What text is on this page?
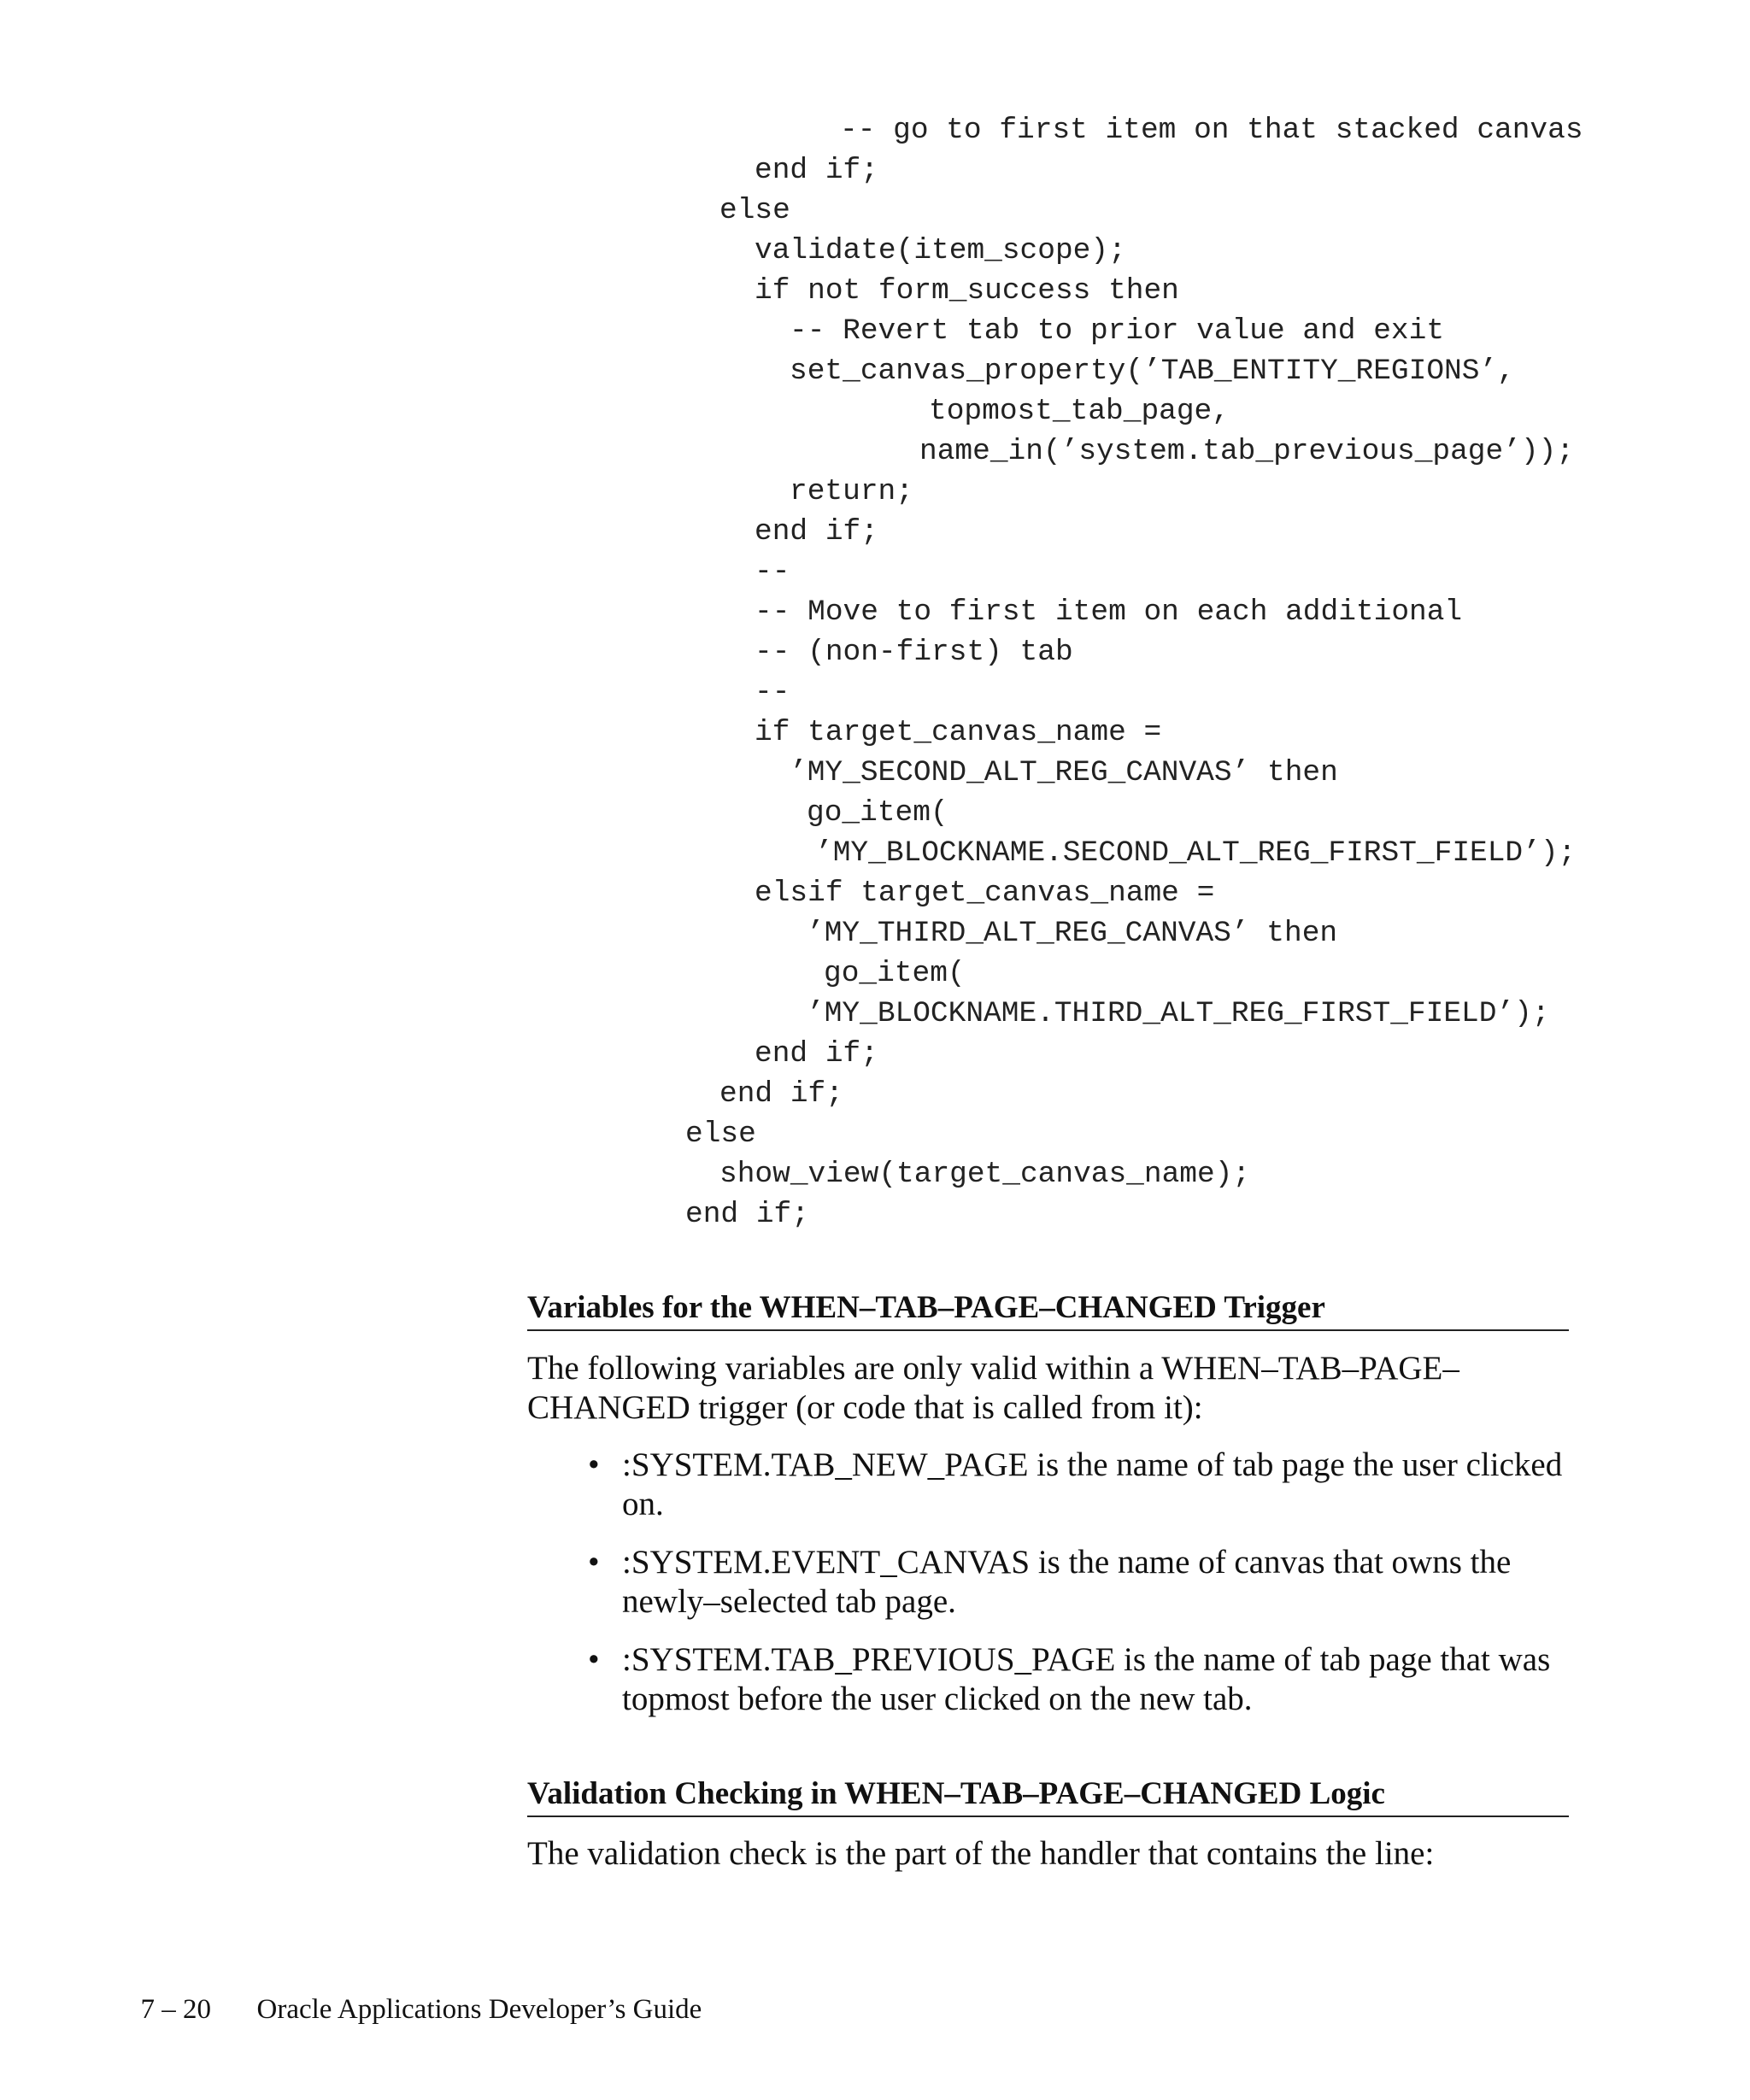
-- go to first item on that stacked canvas
end if;
else
validate(item_scope);
if not form_success then
-- Revert tab to prior value and exit
set_canvas_property(’TAB_ENTITY_REGIONS’,
topmost_tab_page,
name_in(’system.tab_previous_page’));
return;
end if;
--
-- Move to first item on each additional
-- (non-first) tab
--
if target_canvas_name =
’MY_SECOND_ALT_REG_CANVAS’ then
go_item(
’MY_BLOCKNAME.SECOND_ALT_REG_FIRST_FIELD’);
elsif target_canvas_name =
’MY_THIRD_ALT_REG_CANVAS’ then
go_item(
’MY_BLOCKNAME.THIRD_ALT_REG_FIRST_FIELD’);
end if;
end if;
else
show_view(target_canvas_name);
end if;
Variables for the WHEN–TAB–PAGE–CHANGED Trigger

The following variables are only valid within a WHEN–TAB–PAGE–CHANGED trigger (or code that is called from it):

• :SYSTEM.TAB_NEW_PAGE is the name of tab page the user clicked on.
• :SYSTEM.EVENT_CANVAS is the name of canvas that owns the newly–selected tab page.
• :SYSTEM.TAB_PREVIOUS_PAGE is the name of tab page that was topmost before the user clicked on the new tab.
Validation Checking in WHEN–TAB–PAGE–CHANGED Logic

The validation check is the part of the handler that contains the line:

7 – 20 Oracle Applications Developer’s Guide
